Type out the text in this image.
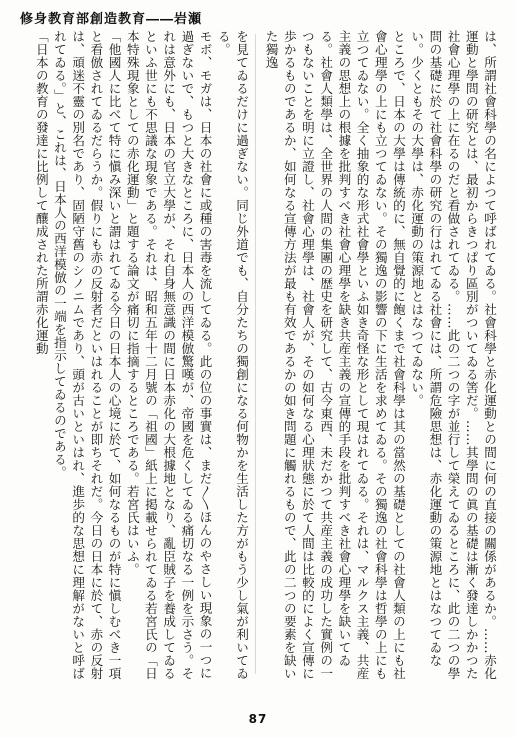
修身教育部創造教育――岩瀬

は、所謂社會科學の名によつて呼ばれてゐる。社會科學と赤化運動との間に何の直接の關係があるか。……赤化運動と學問の研究とは、最初からきつぱり區別がついてゐる筈だ。……其學問の眞の基礎は漸く發達しかかつた社會心理學の上に在るのだと看做されてゐる。……此の二つの字が並行して榮えてゐるところに、此の二つの學問の基礎に於て社會科學の研究の行はれてゐる社會には、所謂危險思想は、赤化運動の策源地とはなつてゐない。少くともその大學は、赤化運動の策源地とはなつてゐない。

ところで、日本の大學は傳統的に、無自覺的に飽くまで社會科學は其の當然の基礎としての社會人類の上にも社會心理學の上にも立つてゐない。その獨逸の影響の下に生活を求めてゐる。その獨逸の社會科學は哲學の上にも立つてゐない。全く抽象的な形式社會學といふ如き奇怪な形として現はれてゐる。それは、マルクス主義、共産主義の思想上の根據を批判すべき社會心理學を缺き共産主義の宣傳的手段を批判すべき社會心理學を缺いてゐる。社會人類學は、全世界の人間の集團の歴史を研究して、古今東西、未だかつて共産主義の成功した實例の一つもないことを明に立證し、社會心理學は、社會人が、その如何なる心理狀態に於て人間は比較的によく宣傳に歩かるものであるか、如何なる宣傳方法が最も有效であるかの如き問題に觸れるもので、此の二つの要素を缺いた獨逸

を見てゐるだけに過ぎない。同じ外道でも、自分たちの獨創になる何物かを生活した方がもう少し氣が利いてゐる。

モボ、モガは、日本の社會に或種の害毒を流してゐる。此の位の事實は、まだ〱ほんのやさしい現象の一つに過ぎないで、もつと大きなところに、日本人の西洋模倣驚嘆が、帝國を危くしてゐる痛切なる一例を示さう。それは意外にも、日本の官立大學が、それ自身無意識の間に日本赤化の大根據地となり、亂臣賊子を養成してゐるといふ世にも不思議な現象である。それは、昭和五年十二月號の「祖國」紙上に掲載せられてゐる若宮氏の「日本特殊現象としての赤化運動」と題する論文が痛切に指摘するところである。若宮氏はいふ。

「他國人に比べて特に愼み深いと謂はれてゐる今日の日本人の心境に於て、如何なるものが特に愼しむべき一項と看倣されてゐるだらうか。假りにも赤の反射者だといはれることが即ちそれだ。今日の日本に於て、赤の反射は、頑迷不靈の別名であり、固陋守舊のシノニムであり、頭が古いといはれ、進歩的な思想に理解がないと呼ばれてゐる。」と、これは、日本人の西洋模倣の一端を指示してゐるのである。

「日本の教育の發達に比例して釀成された所謂赤化運動

87
